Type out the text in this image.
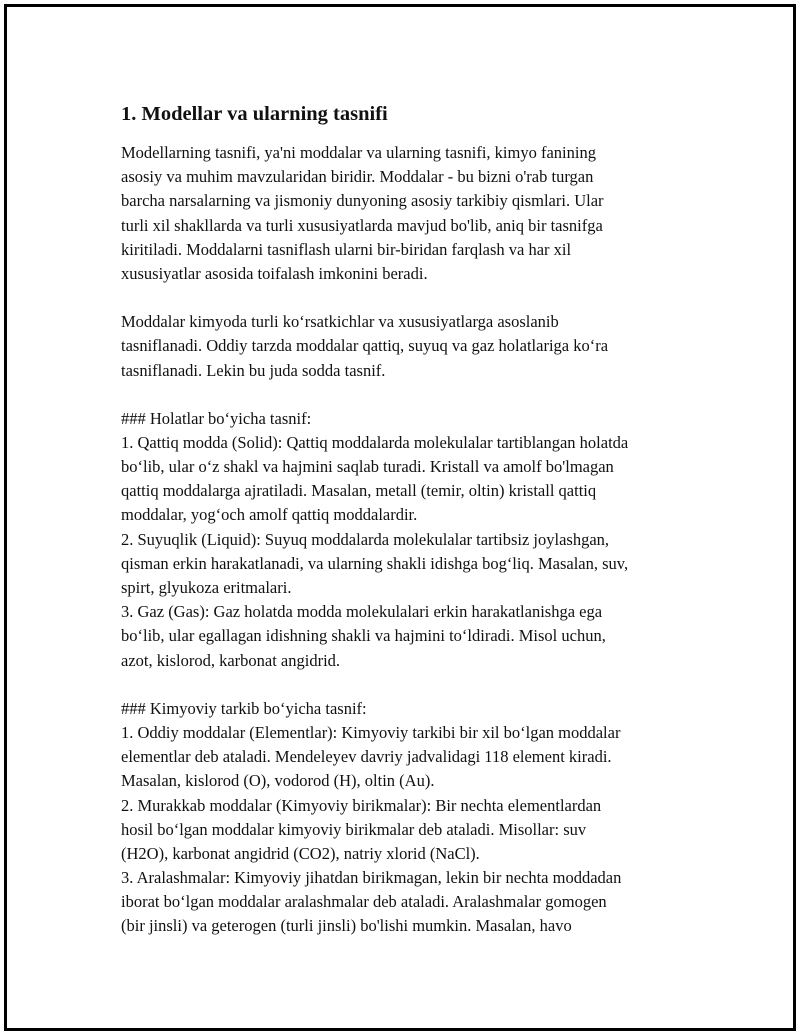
1. Modellar va ularning tasnifi
Modellarning tasnifi, ya'ni moddalar va ularning tasnifi, kimyo fanining
asosiy va muhim mavzularidan biridir. Moddalar - bu bizni o'rab turgan
barcha narsalarning va jismoniy dunyoning asosiy tarkibiy qismlari. Ular
turli xil shakllarda va turli xususiyatlarda mavjud bo'lib, aniq bir tasnifga
kiritiladi. Moddalarni tasniflash ularni bir-biridan farqlash va har xil
xususiyatlar asosida toifalash imkonini beradi.
Moddalar kimyoda turli koʻrsatkichlar va xususiyatlarga asoslanib
tasniflanadi. Oddiy tarzda moddalar qattiq, suyuq va gaz holatlariga koʻra
tasniflanadi. Lekin bu juda sodda tasnif.
### Holatlar boʻyicha tasnif:
1. Qattiq modda (Solid): Qattiq moddalarda molekulalar tartiblangan holatda
boʻlib, ular oʻz shakl va hajmini saqlab turadi. Kristall va amolf bo'lmagan
qattiq moddalarga ajratiladi. Masalan, metall (temir, oltin) kristall qattiq
moddalar, yogʻoch amolf qattiq moddalardir.
2. Suyuqlik (Liquid): Suyuq moddalarda molekulalar tartibsiz joylashgan,
qisman erkin harakatlanadi, va ularning shakli idishga bogʻliq. Masalan, suv,
spirt, glyukoza eritmalari.
3. Gaz (Gas): Gaz holatda modda molekulalari erkin harakatlanishga ega
boʻlib, ular egallagan idishning shakli va hajmini toʻldiradi. Misol uchun,
azot, kislorod, karbonat angidrid.
### Kimyoviy tarkib boʻyicha tasnif:
1. Oddiy moddalar (Elementlar): Kimyoviy tarkibi bir xil boʻlgan moddalar
elementlar deb ataladi. Mendeleyev davriy jadvalidagi 118 element kiradi.
Masalan, kislorod (O), vodorod (H), oltin (Au).
2. Murakkab moddalar (Kimyoviy birikmalar): Bir nechta elementlardan
hosil boʻlgan moddalar kimyoviy birikmalar deb ataladi. Misollar: suv
(H2O), karbonat angidrid (CO2), natriy xlorid (NaCl).
3. Aralashmalar: Kimyoviy jihatdan birikmagan, lekin bir nechta moddadan
iborat boʻlgan moddalar aralashmalar deb ataladi. Aralashmalar gomogen
(bir jinsli) va geterogen (turli jinsli) bo'lishi mumkin. Masalan, havo
